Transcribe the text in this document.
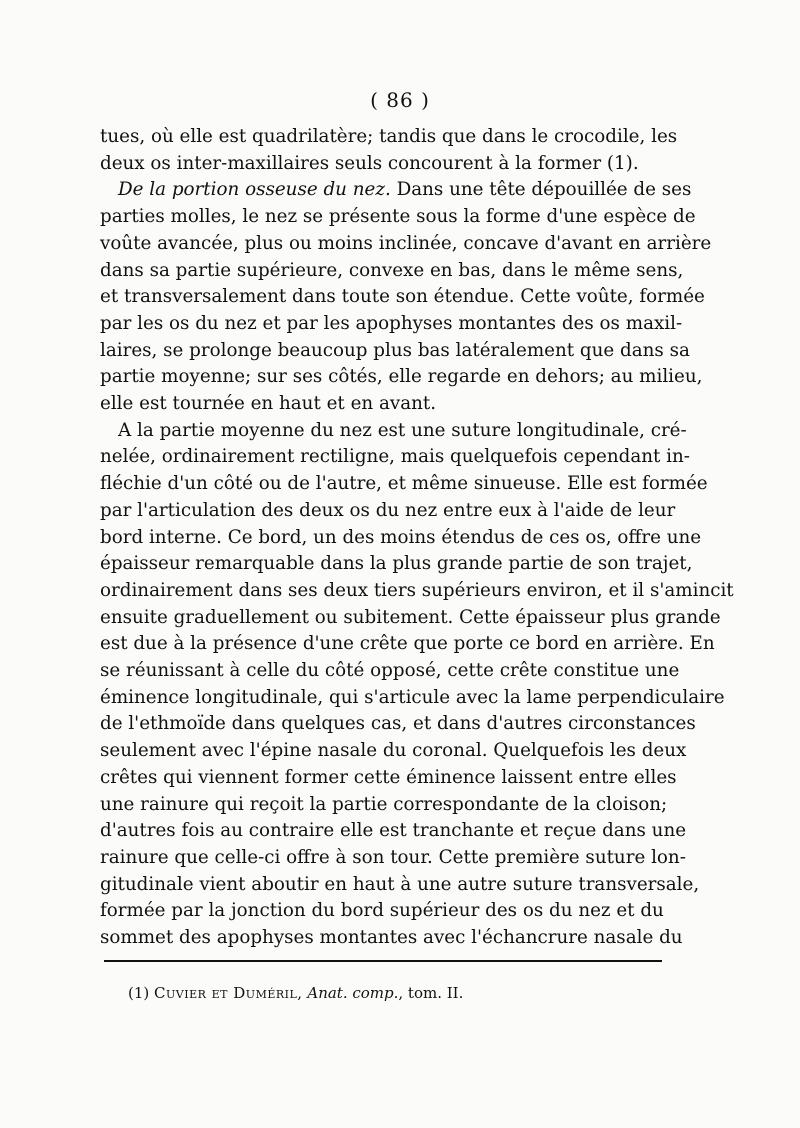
( 86 )
tues, où elle est quadrilatère; tandis que dans le crocodile, les
deux os inter-maxillaires seuls concourent à la former (1).
De la portion osseuse du nez. Dans une tête dépouillée de ses
parties molles, le nez se présente sous la forme d'une espèce de
voûte avancée, plus ou moins inclinée, concave d'avant en arrière
dans sa partie supérieure, convexe en bas, dans le même sens,
et transversalement dans toute son étendue. Cette voûte, formée
par les os du nez et par les apophyses montantes des os maxil-
laires, se prolonge beaucoup plus bas latéralement que dans sa
partie moyenne; sur ses côtés, elle regarde en dehors; au milieu,
elle est tournée en haut et en avant.
A la partie moyenne du nez est une suture longitudinale, cré-
nelée, ordinairement rectiligne, mais quelquefois cependant in-
fléchie d'un côté ou de l'autre, et même sinueuse. Elle est formée
par l'articulation des deux os du nez entre eux à l'aide de leur
bord interne. Ce bord, un des moins étendus de ces os, offre une
épaisseur remarquable dans la plus grande partie de son trajet,
ordinairement dans ses deux tiers supérieurs environ, et il s'amincit
ensuite graduellement ou subitement. Cette épaisseur plus grande
est due à la présence d'une crête que porte ce bord en arrière. En
se réunissant à celle du côté opposé, cette crête constitue une
éminence longitudinale, qui s'articule avec la lame perpendiculaire
de l'ethmoïde dans quelques cas, et dans d'autres circonstances
seulement avec l'épine nasale du coronal. Quelquefois les deux
crêtes qui viennent former cette éminence laissent entre elles
une rainure qui reçoit la partie correspondante de la cloison;
d'autres fois au contraire elle est tranchante et reçue dans une
rainure que celle-ci offre à son tour. Cette première suture lon-
gitudinale vient aboutir en haut à une autre suture transversale,
formée par la jonction du bord supérieur des os du nez et du
sommet des apophyses montantes avec l'échancrure nasale du
(1) Cuvier et Duméril, Anat. comp., tom. II.
